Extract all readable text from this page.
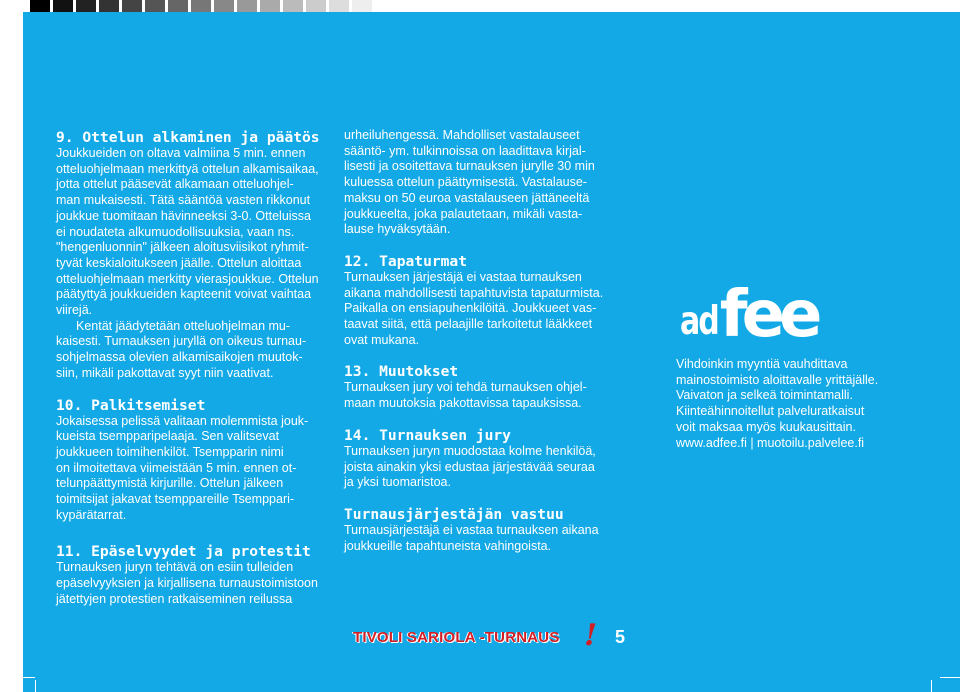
9. Ottelun alkaminen ja päätös

Joukkueiden on oltava valmiina 5 min. ennen

otteluohjelmaan merkittyä ottelun alkamisaikaa,

jotta ottelut pääsevät alkamaan otteluohjel-

man mukaisesti. Tätä sääntöä vasten rikkonut

joukkue tuomitaan hävinneeksi 3-0. Otteluissa

ei noudateta alkumuodollisuuksia, vaan ns.

"hengenluonnin" jälkeen aloitusviisikot ryhmit-

tyvät keskialoitukseen jäälle. Ottelun aloittaa

otteluohjelmaan merkitty vierasjoukkue. Ottelun

päätyttyä joukkueiden kapteenit voivat vaihtaa

viirejä.

Kentät jäädytetään otteluohjelman mu-

kaisesti. Turnauksen juryllä on oikeus turnau-

sohjelmassa olevien alkamisaikojen muutok-

siin, mikäli pakottavat syyt niin vaativat.

10. Palkitsemiset

Jokaisessa pelissä valitaan molemmista jouk-

kueista tsempparipelaaja. Sen valitsevat

joukkueen toimihenkilöt. Tsempparin nimi

on ilmoitettava viimeistään 5 min. ennen ot-

telunpäättymistä kirjurille. Ottelun jälkeen

toimitsijat jakavat tsemppareille Tsemppari-

kypärätarrat.

11. Epäselvyydet ja protestit

Turnauksen juryn tehtävä on esiin tulleiden

epäselvyyksien ja kirjallisena turnaustoimistoon

jätettyjen protestien ratkaiseminen reilussa

urheiluhengessä. Mahdolliset vastalauseet

sääntö- ym. tulkinnoissa on laadittava kirjal-

lisesti ja osoitettava turnauksen jurylle 30 min

kuluessa ottelun päättymisestä. Vastalause-

maksu on 50 euroa vastalauseen jättäneeltä

joukkueelta, joka palautetaan, mikäli vasta-

lause hyväksytään.

12. Tapaturmat

Turnauksen järjestäjä ei vastaa turnauksen

aikana mahdollisesti tapahtuvista tapaturmista.

Paikalla on ensiapuhenkilöitä. Joukkueet vas-

taavat siitä, että pelaajille tarkoitetut lääkkeet

ovat mukana.

13. Muutokset

Turnauksen jury voi tehdä turnauksen ohjel-

maan muutoksia pakottavissa tapauksissa.

14. Turnauksen jury

Turnauksen juryn muodostaa kolme henkilöä,

joista ainakin yksi edustaa järjestävää seuraa

ja yksi tuomaristoa.

Turnausjärjestäjän vastuu

Turnausjärjestäjä ei vastaa turnauksen aikana

joukkueille tapahtuneista vahingoista.

adfee

Vihdoinkin myyntiä vauhdittava

mainostoimisto aloittavalle yrittäjälle.

Vaivaton ja selkeä toimintamalli.

Kiinteähinnoitellut palveluratkaisut

voit maksaa myös kuukausittain.

www.adfee.fi | muotoilu.palvelee.fi

TIVOLI SARIOLA -TURNAUS ! 5
